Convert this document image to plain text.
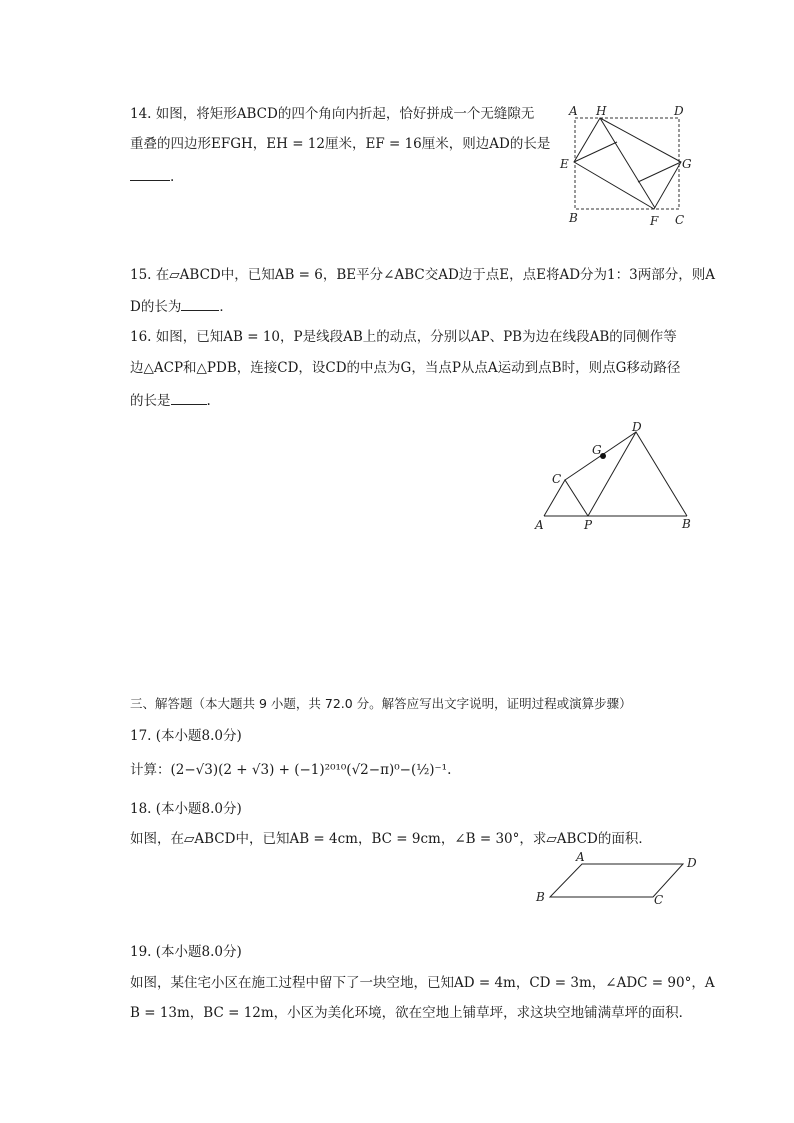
14. 如图，将矩形ABCD的四个角向内折起，恰好拼成一个无缝隙无
重叠的四边形EFGH，EH = 12厘米，EF = 16厘米，则边AD的长是
.
A H	D
E	G
B	F C
15. 在▱ABCD中，已知AB = 6，BE平分∠ABC交AD边于点E，点E将AD分为1：3两部分，则A
D的长为	．
16. 如图，已知AB = 10，P是线段AB上的动点，分别以AP、PB为边在线段AB的同侧作等
边△ACP和△PDB，连接CD，设CD的中点为G，当点P从点A运动到点B时，则点G移动路径
的长是	.
D
G
C
A	P	B
三、解答题（本大题共 9 小题，共 72.0 分。解答应写出文字说明，证明过程或演算步骤）
17. (本小题8.0分)
计算：(2−√3)(2 + √3) + (−1)²⁰¹⁰(√2−π)⁰−(½)⁻¹.
18. (本小题8.0分)
如图，在▱ABCD中，已知AB = 4cm，BC = 9cm，∠B = 30°，求▱ABCD的面积．
A	D
B	C
19. (本小题8.0分)
如图，某住宅小区在施工过程中留下了一块空地，已知AD = 4m，CD = 3m，∠ADC = 90°，A
B = 13m，BC = 12m，小区为美化环境，欲在空地上铺草坪，求这块空地铺满草坪的面积．
